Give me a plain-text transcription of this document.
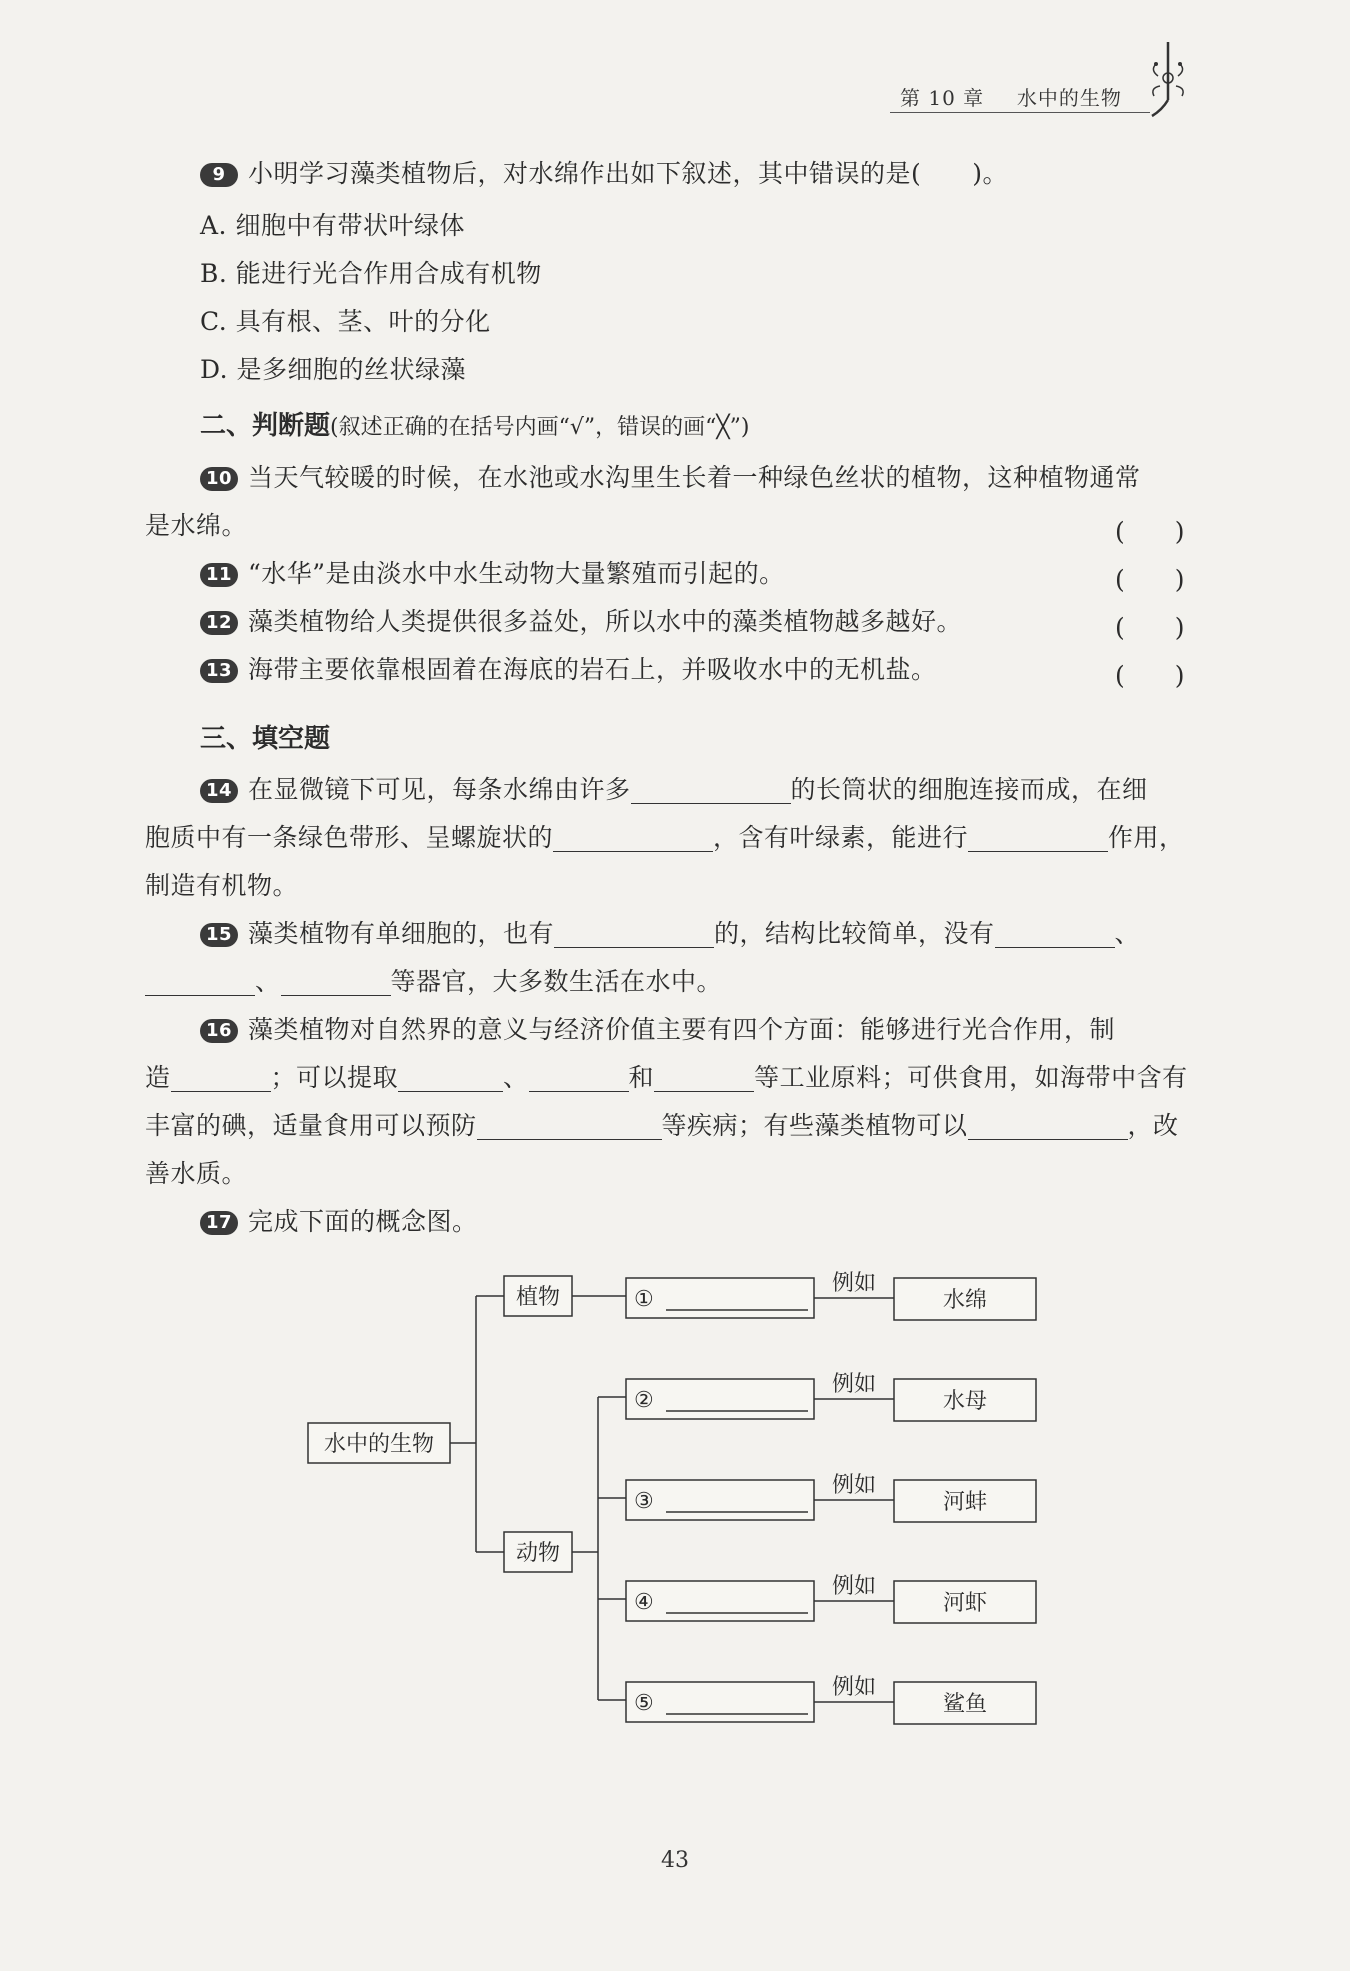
第 10 章 水中的生物
9 小明学习藻类植物后，对水绵作出如下叙述，其中错误的是(　　)。
A. 细胞中有带状叶绿体
B. 能进行光合作用合成有机物
C. 具有根、茎、叶的分化
D. 是多细胞的丝状绿藻
二、判断题(叙述正确的在括号内画“√”，错误的画“╳”)
10 当天气较暖的时候，在水池或水沟里生长着一种绿色丝状的植物，这种植物通常
是水绵。	(　　)
11 “水华”是由淡水中水生动物大量繁殖而引起的。	(　　)
12 藻类植物给人类提供很多益处，所以水中的藻类植物越多越好。	(　　)
13 海带主要依靠根固着在海底的岩石上，并吸收水中的无机盐。	(　　)
三、填空题
14 在显微镜下可见，每条水绵由许多	的长筒状的细胞连接而成，在细
胞质中有一条绿色带形、呈螺旋状的	，含有叶绿素，能进行	作用，
制造有机物。
15 藻类植物有单细胞的，也有	的，结构比较简单，没有	、
、	等器官，大多数生活在水中。
16 藻类植物对自然界的意义与经济价值主要有四个方面：能够进行光合作用，制
造	；可以提取	、	和	等工业原料；可供食用，如海带中含有
丰富的碘，适量食用可以预防	等疾病；有些藻类植物可以	，改
善水质。
17 完成下面的概念图。
水中的生物
植物
动物
①
②
③
④
⑤
例如
例如
例如
例如
例如
水绵
水母
河蚌
河虾
鲨鱼
43
